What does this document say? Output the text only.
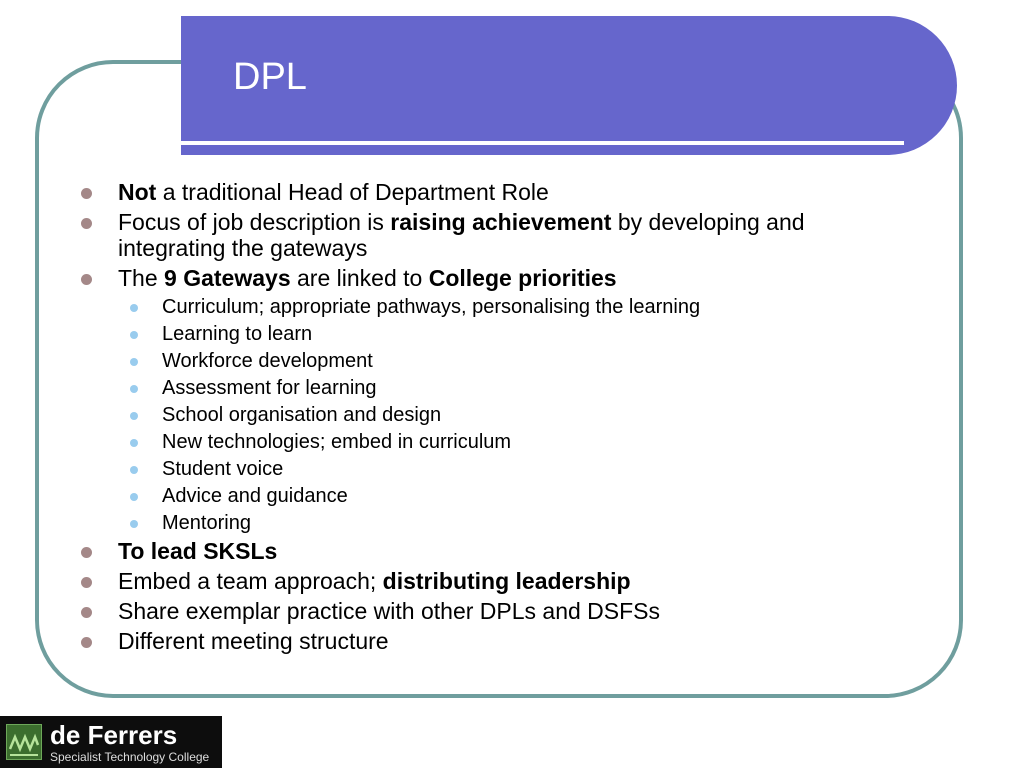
DPL
Not a traditional Head of Department Role
Focus of job description is raising achievement by developing and integrating the gateways
The 9 Gateways are linked to College priorities
Curriculum; appropriate pathways, personalising the learning
Learning to learn
Workforce development
Assessment for learning
School organisation and design
New technologies; embed in curriculum
Student voice
Advice and guidance
Mentoring
To lead SKSLs
Embed a team approach; distributing leadership
Share exemplar practice with other DPLs and DSFSs
Different meeting structure
de Ferrers
Specialist Technology College
